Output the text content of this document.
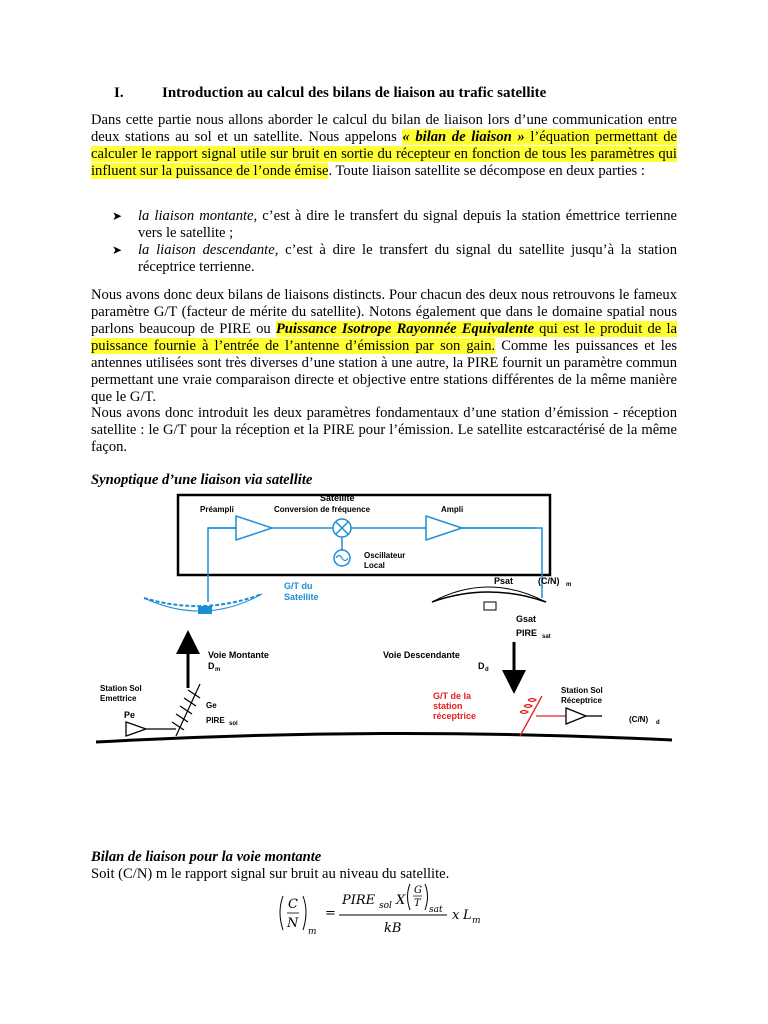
I.	Introduction au calcul des bilans de liaison au trafic satellite
Dans cette partie nous allons aborder le calcul du bilan de liaison lors d’une communication entre deux stations au sol et un satellite. Nous appelons « bilan de liaison » l’équation permettant de calculer le rapport signal utile sur bruit en sortie du récepteur en fonction de tous les paramètres qui influent sur la puissance de l’onde émise. Toute liaison satellite se décompose en deux parties :
➤ la liaison montante, c’est à dire le transfert du signal depuis la station émettrice terrienne vers le satellite ;
➤ la liaison descendante, c’est à dire le transfert du signal du satellite jusqu’à la station réceptrice terrienne.
Nous avons donc deux bilans de liaisons distincts. Pour chacun des deux nous retrouvons le fameux paramètre G/T (facteur de mérite du satellite). Notons également que dans le domaine spatial nous parlons beaucoup de PIRE ou Puissance Isotrope Rayonnée Equivalente qui est le produit de la puissance fournie à l’entrée de l’antenne d’émission par son gain. Comme les puissances et les antennes utilisées sont très diverses d’une station à une autre, la PIRE fournit un paramètre commun permettant une vraie comparaison directe et objective entre stations différentes de la même manière que le G/T.
Nous avons donc introduit les deux paramètres fondamentaux d’une station d’émission - réception satellite : le G/T pour la réception et la PIRE pour l’émission. Le satellite estcaractérisé de la même façon.
Synoptique d’une liaison via satellite
Satellite
Préampli	Conversion de fréquence	Ampli
Oscillateur
Local
G/T du
Satellite
Psat	(C/N) m
Gsat
PIRE sat
Voie Montante
D m
Voie Descendante
D d
Station Sol
Emettrice
Pe
Ge
PIRE sol
G/T de la
station
réceptrice
Station Sol
Réceptrice
(C/N) d
Bilan de liaison pour la voie montante
Soit (C/N) m le rapport signal sur bruit au niveau du satellite.
C
N
m
=
PIRE sol X
G
T
sat
kB
x L m
